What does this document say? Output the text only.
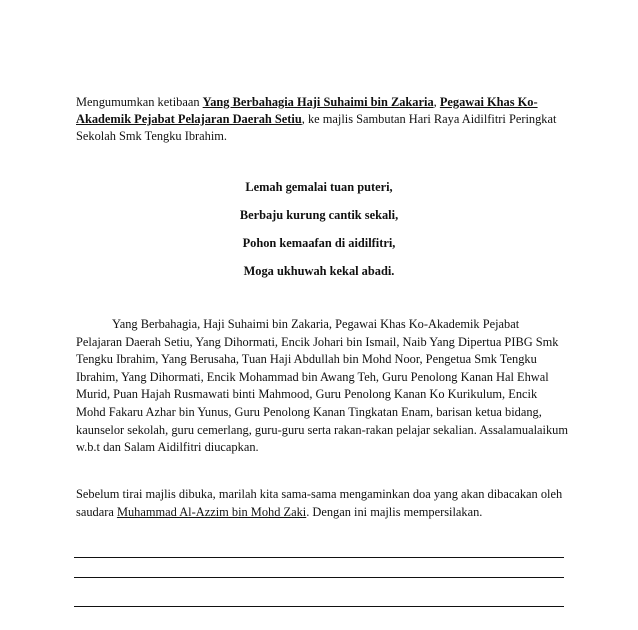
Mengumumkan ketibaan Yang Berbahagia Haji Suhaimi bin Zakaria, Pegawai Khas Ko-Akademik Pejabat Pelajaran Daerah Setiu, ke majlis Sambutan Hari Raya Aidilfitri Peringkat Sekolah Smk Tengku Ibrahim.

Lemah gemalai tuan puteri,
Berbaju kurung cantik sekali,
Pohon kemaafan di aidilfitri,
Moga ukhuwah kekal abadi.

Yang Berbahagia, Haji Suhaimi bin Zakaria, Pegawai Khas Ko-Akademik Pejabat Pelajaran Daerah Setiu, Yang Dihormati, Encik Johari bin Ismail, Naib Yang Dipertua PIBG Smk Tengku Ibrahim, Yang Berusaha, Tuan Haji Abdullah bin Mohd Noor, Pengetua Smk Tengku Ibrahim, Yang Dihormati, Encik Mohammad bin Awang Teh, Guru Penolong Kanan Hal Ehwal Murid, Puan Hajah Rusmawati binti Mahmood, Guru Penolong Kanan Ko Kurikulum, Encik Mohd Fakaru Azhar bin Yunus, Guru Penolong Kanan Tingkatan Enam, barisan ketua bidang, kaunselor sekolah, guru cemerlang, guru-guru serta rakan-rakan pelajar sekalian. Assalamualaikum w.b.t dan Salam Aidilfitri diucapkan.

Sebelum tirai majlis dibuka, marilah kita sama-sama mengaminkan doa yang akan dibacakan oleh saudara Muhammad Al-Azzim bin Mohd Zaki. Dengan ini majlis mempersilakan.
